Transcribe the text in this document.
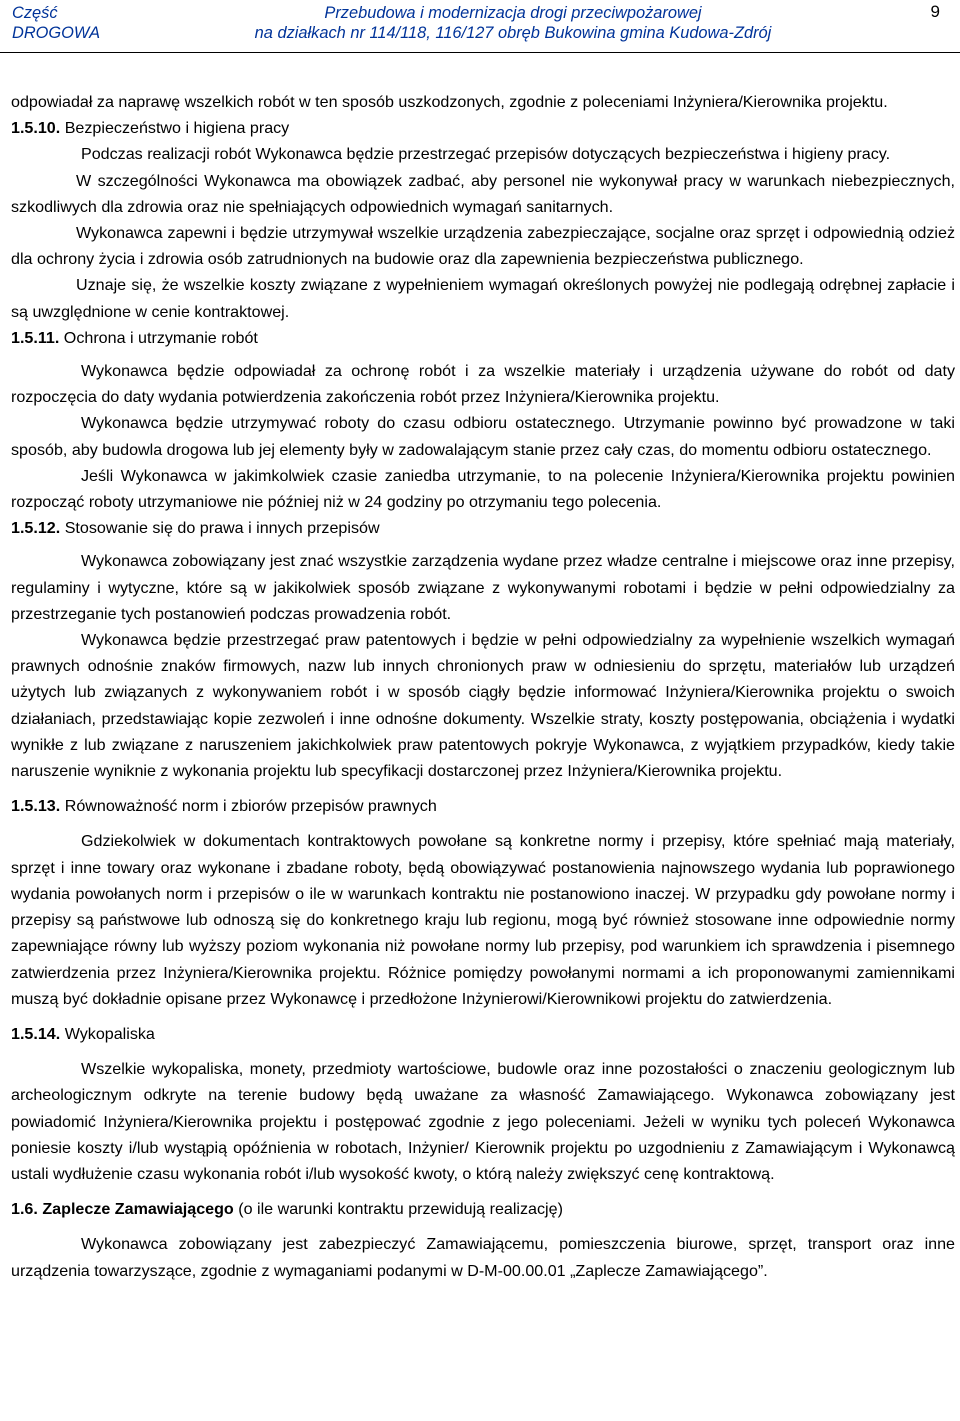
Część
DROGOWA
Przebudowa i modernizacja drogi przeciwpożarowej
na działkach nr 114/118, 116/127 obręb Bukowina gmina Kudowa-Zdrój
9

odpowiadał za naprawę wszelkich robót w ten sposób uszkodzonych, zgodnie z poleceniami Inżyniera/Kierownika projektu.

1.5.10. Bezpieczeństwo i higiena pracy

Podczas realizacji robót Wykonawca będzie przestrzegać przepisów dotyczących bezpieczeństwa i higieny pracy.

W szczególności Wykonawca ma obowiązek zadbać, aby personel nie wykonywał pracy w warunkach niebezpiecznych, szkodliwych dla zdrowia oraz nie spełniających odpowiednich wymagań sanitarnych.

Wykonawca zapewni i będzie utrzymywał wszelkie urządzenia zabezpieczające, socjalne oraz sprzęt i odpowiednią odzież dla ochrony życia i zdrowia osób zatrudnionych na budowie oraz dla zapewnienia bezpieczeństwa publicznego.

Uznaje się, że wszelkie koszty związane z wypełnieniem wymagań określonych powyżej nie podlegają odrębnej zapłacie i są uwzględnione w cenie kontraktowej.

1.5.11. Ochrona i utrzymanie robót

Wykonawca będzie odpowiadał za ochronę robót i za wszelkie materiały i urządzenia używane do robót od daty rozpoczęcia do daty wydania potwierdzenia zakończenia robót przez Inżyniera/Kierownika projektu.

Wykonawca będzie utrzymywać roboty do czasu odbioru ostatecznego. Utrzymanie powinno być prowadzone w taki sposób, aby budowla drogowa lub jej elementy były w zadowalającym stanie przez cały czas, do momentu odbioru ostatecznego.

Jeśli Wykonawca w jakimkolwiek czasie zaniedba utrzymanie, to na polecenie Inżyniera/Kierownika projektu powinien rozpocząć roboty utrzymaniowe nie później niż w 24 godziny po otrzymaniu tego polecenia.

1.5.12. Stosowanie się do prawa i innych przepisów

Wykonawca zobowiązany jest znać wszystkie zarządzenia wydane przez władze centralne i miejscowe oraz inne przepisy, regulaminy i wytyczne, które są w jakikolwiek sposób związane z wykonywanymi robotami i będzie w pełni odpowiedzialny za przestrzeganie tych postanowień podczas prowadzenia robót.

Wykonawca będzie przestrzegać praw patentowych i będzie w pełni odpowiedzialny za wypełnienie wszelkich wymagań prawnych odnośnie znaków firmowych, nazw lub innych chronionych praw w odniesieniu do sprzętu, materiałów lub urządzeń użytych lub związanych z wykonywaniem robót i w sposób ciągły będzie informować Inżyniera/Kierownika projektu o swoich działaniach, przedstawiając kopie zezwoleń i inne odnośne dokumenty. Wszelkie straty, koszty postępowania, obciążenia i wydatki wynikłe z lub związane z naruszeniem jakichkolwiek praw patentowych pokryje Wykonawca, z wyjątkiem przypadków, kiedy takie naruszenie wyniknie z wykonania projektu lub specyfikacji dostarczonej przez Inżyniera/Kierownika projektu.

1.5.13. Równoważność norm i zbiorów przepisów prawnych

Gdziekolwiek w dokumentach kontraktowych powołane są konkretne normy i przepisy, które spełniać mają materiały, sprzęt i inne towary oraz wykonane i zbadane roboty, będą obowiązywać postanowienia najnowszego wydania lub poprawionego wydania powołanych norm i przepisów o ile w warunkach kontraktu nie postanowiono inaczej. W przypadku gdy powołane normy i przepisy są państwowe lub odnoszą się do konkretnego kraju lub regionu, mogą być również stosowane inne odpowiednie normy zapewniające równy lub wyższy poziom wykonania niż powołane normy lub przepisy, pod warunkiem ich sprawdzenia i pisemnego zatwierdzenia przez Inżyniera/Kierownika projektu. Różnice pomiędzy powołanymi normami a ich proponowanymi zamiennikami muszą być dokładnie opisane przez Wykonawcę i przedłożone Inżynierowi/Kierownikowi projektu do zatwierdzenia.

1.5.14. Wykopaliska

Wszelkie wykopaliska, monety, przedmioty wartościowe, budowle oraz inne pozostałości o znaczeniu geologicznym lub archeologicznym odkryte na terenie budowy będą uważane za własność Zamawiającego. Wykonawca zobowiązany jest powiadomić Inżyniera/Kierownika projektu i postępować zgodnie z jego poleceniami. Jeżeli w wyniku tych poleceń Wykonawca poniesie koszty i/lub wystąpią opóźnienia w robotach, Inżynier/ Kierownik projektu po uzgodnieniu z Zamawiającym i Wykonawcą ustali wydłużenie czasu wykonania robót i/lub wysokość kwoty, o którą należy zwiększyć cenę kontraktową.

1.6. Zaplecze Zamawiającego (o ile warunki kontraktu przewidują realizację)

Wykonawca zobowiązany jest zabezpieczyć Zamawiającemu, pomieszczenia biurowe, sprzęt, transport oraz inne urządzenia towarzyszące, zgodnie z wymaganiami podanymi w D-M-00.00.01 „Zaplecze Zamawiającego”.
